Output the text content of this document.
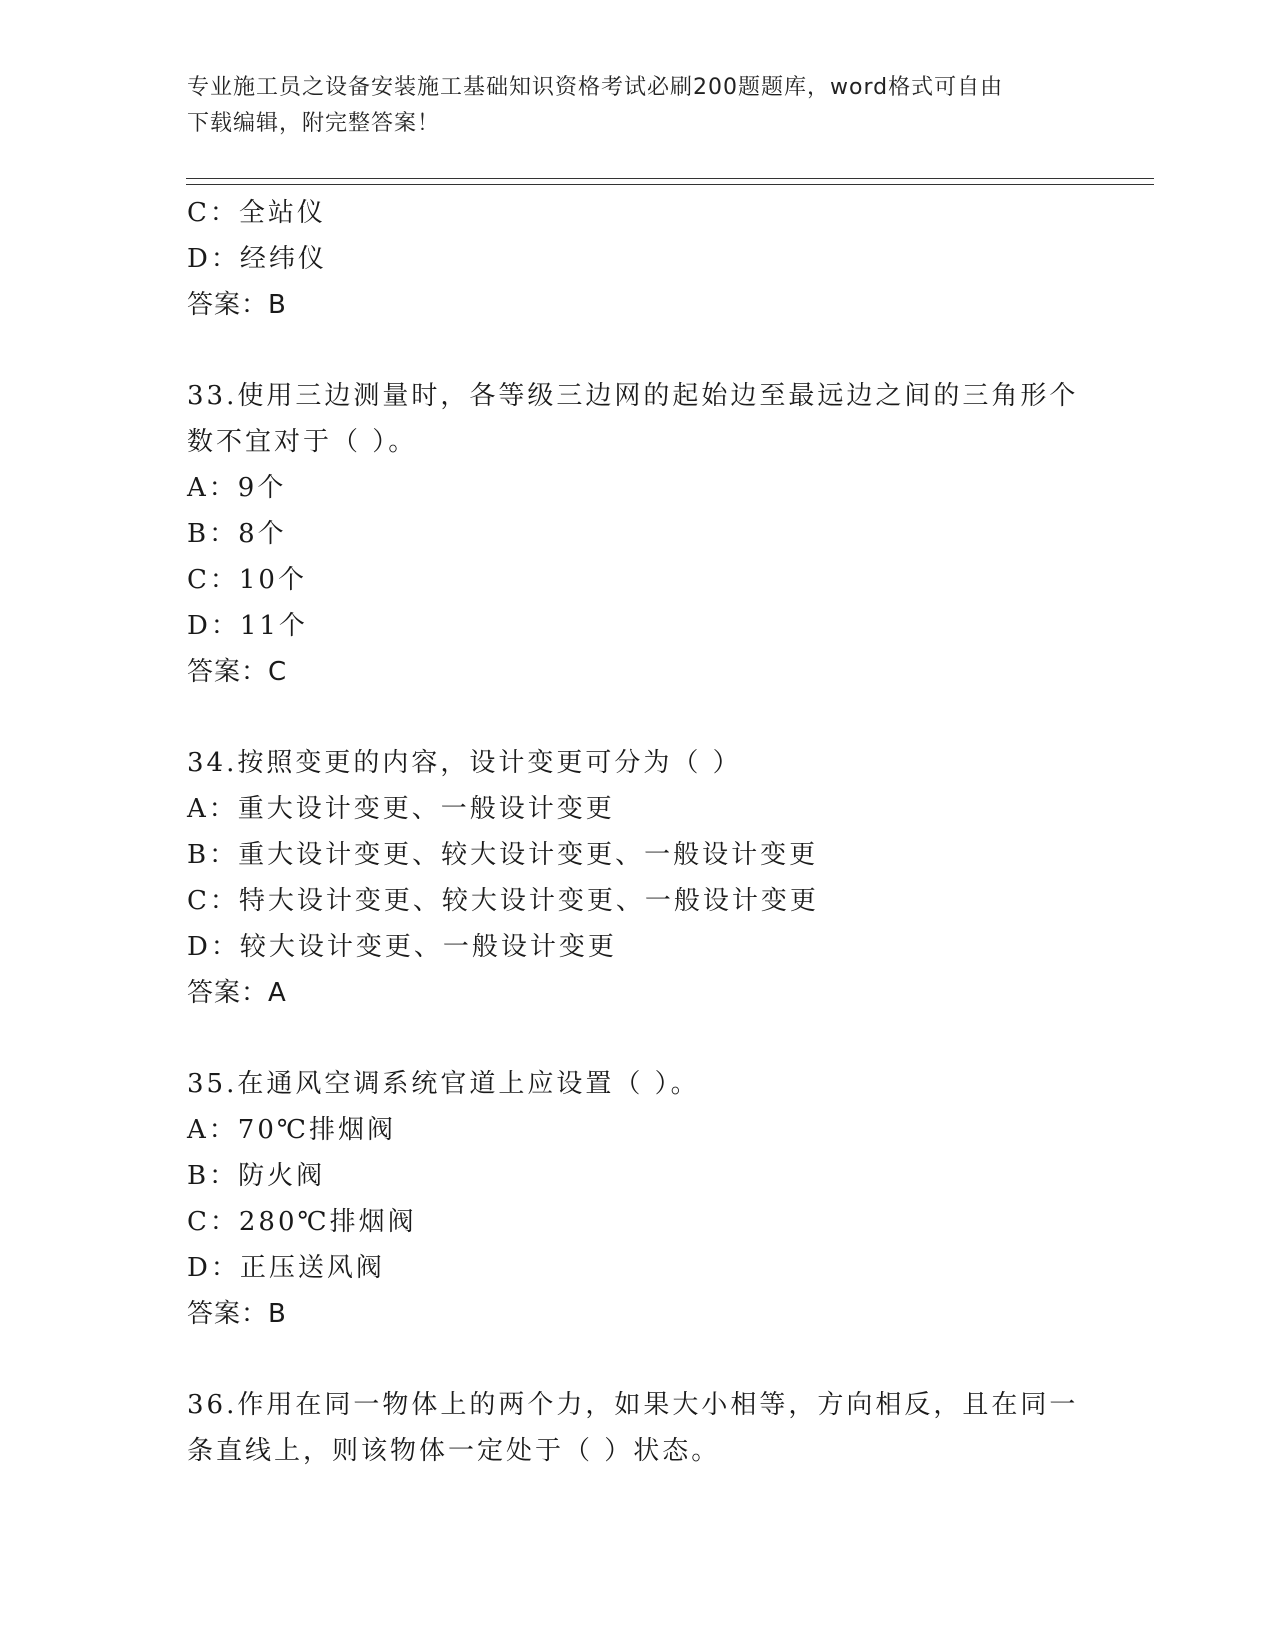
专业施工员之设备安装施工基础知识资格考试必刷200题题库，word格式可自由
下载编辑，附完整答案！
C：全站仪
D：经纬仪
答案：B
33.使用三边测量时，各等级三边网的起始边至最远边之间的三角形个
数不宜对于（ ）。
A：9个
B：8个
C：10个
D：11个
答案：C
34.按照变更的内容，设计变更可分为（ ）
A：重大设计变更、一般设计变更
B：重大设计变更、较大设计变更、一般设计变更
C：特大设计变更、较大设计变更、一般设计变更
D：较大设计变更、一般设计变更
答案：A
35.在通风空调系统官道上应设置（ ）。
A：70℃排烟阀
B：防火阀
C：280℃排烟阀
D：正压送风阀
答案：B
36.作用在同一物体上的两个力，如果大小相等，方向相反，且在同一
条直线上，则该物体一定处于（ ）状态。
